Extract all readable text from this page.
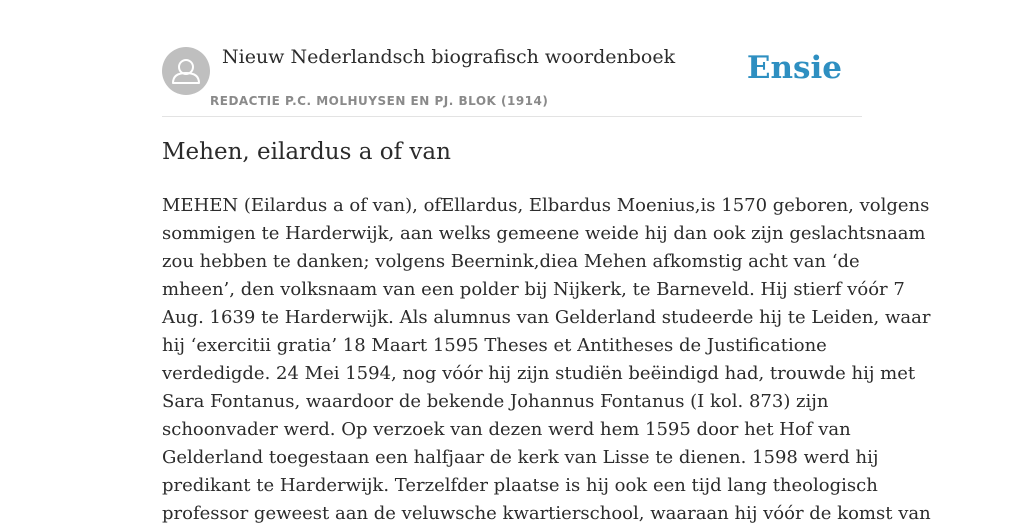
Nieuw Nederlandsch biografisch woordenboek
REDACTIE P.C. MOLHUYSEN EN PJ. BLOK (1914)
Ensie
Mehen, eilardus a of van
MEHEN (Eilardus a of van), ofEllardus, Elbardus Moenius,is 1570 geboren, volgens
sommigen te Harderwijk, aan welks gemeene weide hij dan ook zijn geslachtsnaam
zou hebben te danken; volgens Beernink,diea Mehen afkomstig acht van ‘de
mheen’, den volksnaam van een polder bij Nijkerk, te Barneveld. Hij stierf vóór 7
Aug. 1639 te Harderwijk. Als alumnus van Gelderland studeerde hij te Leiden, waar
hij ‘exercitii gratia’ 18 Maart 1595 Theses et Antitheses de Justificatione
verdedigde. 24 Mei 1594, nog vóór hij zijn studiën beëindigd had, trouwde hij met
Sara Fontanus, waardoor de bekende Johannus Fontanus (I kol. 873) zijn
schoonvader werd. Op verzoek van dezen werd hem 1595 door het Hof van
Gelderland toegestaan een halfjaar de kerk van Lisse te dienen. 1598 werd hij
predikant te Harderwijk. Terzelfder plaatse is hij ook een tijd lang theologisch
professor geweest aan de veluwsche kwartierschool, waaraan hij vóór de komst van
